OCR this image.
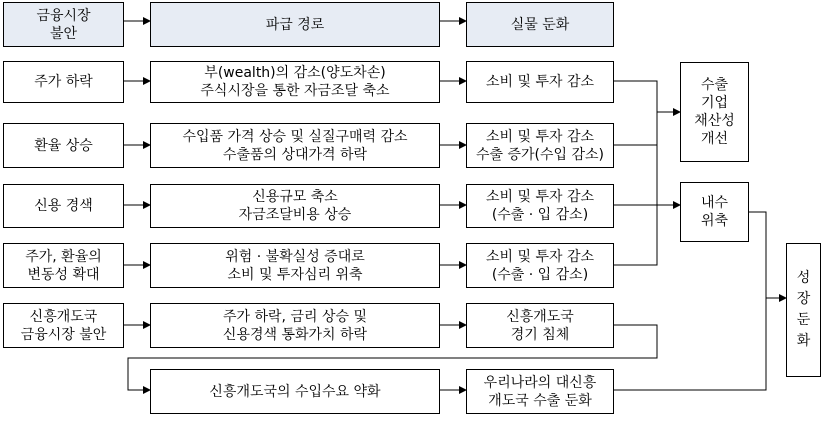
금융시장
불안
파급 경로	실물 둔화
주가 하락
부(wealth)의 감소(양도차손)
주식시장을 통한 자금조달 축소
소비 및 투자 감소
환율 상승
수입품 가격 상승 및 실질구매력 감소
수출품의 상대가격 하락
소비 및 투자 감소
수출 증가(수입 감소)
신용 경색
신용규모 축소
자금조달비용 상승
소비 및 투자 감소
(수출 · 입 감소)
주가, 환율의
변동성 확대
위험 · 불확실성 증대로
소비 및 투자심리 위축
소비 및 투자 감소
(수출 · 입 감소)
신흥개도국
금융시장 불안
주가 하락, 금리 상승 및
신용경색 통화가치 하락
신흥개도국
경기 침체
신흥개도국의 수입수요 약화
우리나라의 대신흥
개도국 수출 둔화
수출
기업
채산성
개선
내수
위축
성
장
둔
화
